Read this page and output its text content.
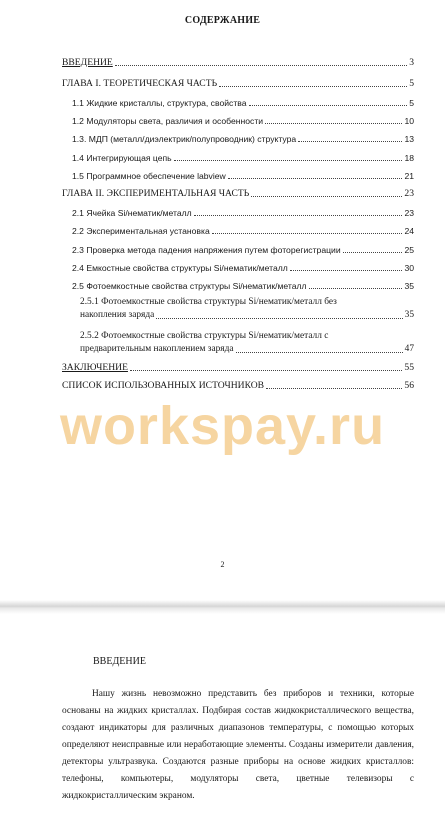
СОДЕРЖАНИЕ
ВВЕДЕНИЕ	3
ГЛАВА I. ТЕОРЕТИЧЕСКАЯ ЧАСТЬ	5
1.1 Жидкие кристаллы, структура, свойства	5
1.2 Модуляторы света, различия и особенности	10
1.3. МДП (металл/диэлектрик/полупроводник) структура	13
1.4 Интегрирующая цепь	18
1.5 Программное обеспечение labview	21
ГЛАВА II. ЭКСПЕРИМЕНТАЛЬНАЯ ЧАСТЬ	23
2.1 Ячейка Si/нематик/металл	23
2.2 Экспериментальная установка	24
2.3 Проверка метода падения напряжения путем фоторегистрации	25
2.4 Емкостные свойства структуры Si/нематик/металл	30
2.5 Фотоемкостные свойства структуры Si/нематик/металл	35
2.5.1 Фотоемкостные свойства структуры Si/нематик/металл без
накопления заряда	35
2.5.2 Фотоемкостные свойства структуры Si/нематик/металл с
предварительным накоплением заряда	47
ЗАКЛЮЧЕНИЕ	55
СПИСОК ИСПОЛЬЗОВАННЫХ ИСТОЧНИКОВ	56
workspay.ru
2
ВВЕДЕНИЕ
Нашу жизнь невозможно представить без приборов и техники, которые основаны на жидких кристаллах. Подбирая состав жидкокристаллического вещества, создают индикаторы для различных диапазонов температуры, с помощью которых определяют неисправные или неработающие элементы. Созданы измерители давления, детекторы ультразвука. Создаются разные приборы на основе жидких кристаллов: телефоны, компьютеры, модуляторы света, цветные телевизоры с жидкокристаллическим экраном.
